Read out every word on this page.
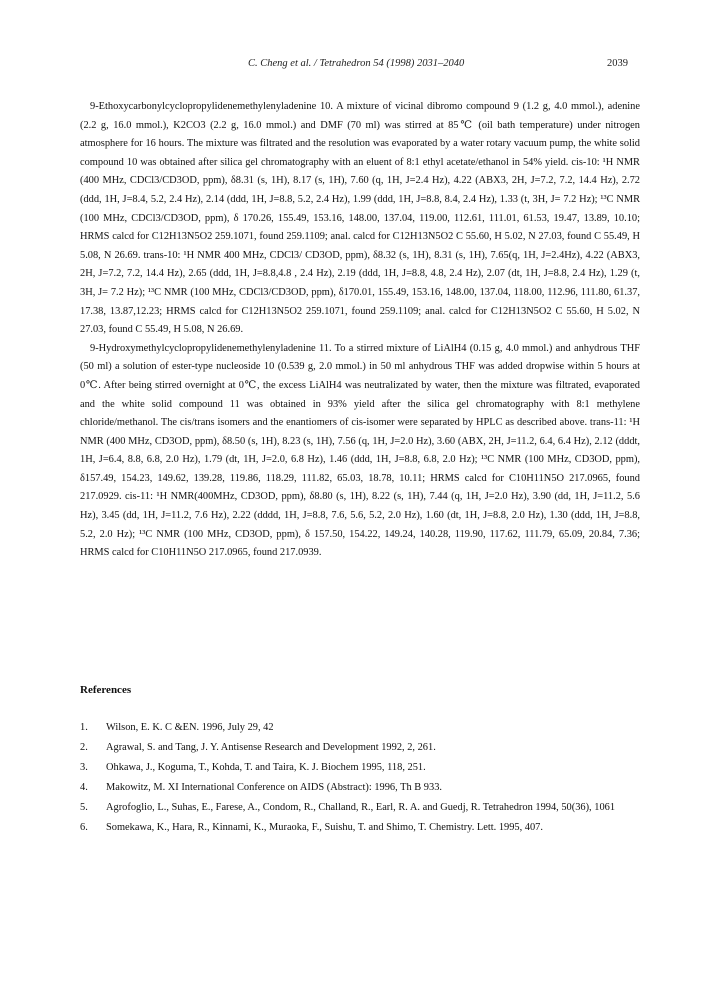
C. Cheng et al. / Tetrahedron 54 (1998) 2031–2040	2039

9-Ethoxycarbonylcyclopropylidenemethylenyladenine 10. A mixture of vicinal dibromo compound 9 (1.2 g, 4.0 mmol.), adenine (2.2 g, 16.0 mmol.), K2CO3 (2.2 g, 16.0 mmol.) and DMF (70 ml) was stirred at 85℃ (oil bath temperature) under nitrogen atmosphere for 16 hours. The mixture was filtrated and the resolution was evaporated by a water rotary vacuum pump, the white solid compound 10 was obtained after silica gel chromatography with an eluent of 8:1 ethyl acetate/ethanol in 54% yield. cis-10: ¹H NMR (400 MHz, CDCl3/CD3OD, ppm), δ8.31 (s, 1H), 8.17 (s, 1H), 7.60 (q, 1H, J=2.4 Hz), 4.22 (ABX3, 2H, J=7.2, 7.2, 14.4 Hz), 2.72 (ddd, 1H, J=8.4, 5.2, 2.4 Hz), 2.14 (ddd, 1H, J=8.8, 5.2, 2.4 Hz), 1.99 (ddd, 1H, J=8.8, 8.4, 2.4 Hz), 1.33 (t, 3H, J= 7.2 Hz); ¹³C NMR (100 MHz, CDCl3/CD3OD, ppm), δ 170.26, 155.49, 153.16, 148.00, 137.04, 119.00, 112.61, 111.01, 61.53, 19.47, 13.89, 10.10; HRMS calcd for C12H13N5O2 259.1071, found 259.1109; anal. calcd for C12H13N5O2 C 55.60, H 5.02, N 27.03, found C 55.49, H 5.08, N 26.69. trans-10: ¹H NMR 400 MHz, CDCl3/ CD3OD, ppm), δ8.32 (s, 1H), 8.31 (s, 1H), 7.65(q, 1H, J=2.4Hz), 4.22 (ABX3, 2H, J=7.2, 7.2, 14.4 Hz), 2.65 (ddd, 1H, J=8.8,4.8 , 2.4 Hz), 2.19 (ddd, 1H, J=8.8, 4.8, 2.4 Hz), 2.07 (dt, 1H, J=8.8, 2.4 Hz), 1.29 (t, 3H, J= 7.2 Hz); ¹³C NMR (100 MHz, CDCl3/CD3OD, ppm), δ170.01, 155.49, 153.16, 148.00, 137.04, 118.00, 112.96, 111.80, 61.37, 17.38, 13.87,12.23; HRMS calcd for C12H13N5O2 259.1071, found 259.1109; anal. calcd for C12H13N5O2 C 55.60, H 5.02, N 27.03, found C 55.49, H 5.08, N 26.69.

9-Hydroxymethylcyclopropylidenemethylenyladenine 11. To a stirred mixture of LiAlH4 (0.15 g, 4.0 mmol.) and anhydrous THF (50 ml) a solution of ester-type nucleoside 10 (0.539 g, 2.0 mmol.) in 50 ml anhydrous THF was added dropwise within 5 hours at 0℃. After being stirred overnight at 0℃, the excess LiAlH4 was neutralizated by water, then the mixture was filtrated, evaporated and the white solid compound 11 was obtained in 93% yield after the silica gel chromatography with 8:1 methylene chloride/methanol. The cis/trans isomers and the enantiomers of cis-isomer were separated by HPLC as described above. trans-11: ¹H NMR (400 MHz, CD3OD, ppm), δ8.50 (s, 1H), 8.23 (s, 1H), 7.56 (q, 1H, J=2.0 Hz), 3.60 (ABX, 2H, J=11.2, 6.4, 6.4 Hz), 2.12 (dddt, 1H, J=6.4, 8.8, 6.8, 2.0 Hz), 1.79 (dt, 1H, J=2.0, 6.8 Hz), 1.46 (ddd, 1H, J=8.8, 6.8, 2.0 Hz); ¹³C NMR (100 MHz, CD3OD, ppm), δ157.49, 154.23, 149.62, 139.28, 119.86, 118.29, 111.82, 65.03, 18.78, 10.11; HRMS calcd for C10H11N5O 217.0965, found 217.0929. cis-11: ¹H NMR(400MHz, CD3OD, ppm), δ8.80 (s, 1H), 8.22 (s, 1H), 7.44 (q, 1H, J=2.0 Hz), 3.90 (dd, 1H, J=11.2, 5.6 Hz), 3.45 (dd, 1H, J=11.2, 7.6 Hz), 2.22 (dddd, 1H, J=8.8, 7.6, 5.6, 5.2, 2.0 Hz), 1.60 (dt, 1H, J=8.8, 2.0 Hz), 1.30 (ddd, 1H, J=8.8, 5.2, 2.0 Hz); ¹³C NMR (100 MHz, CD3OD, ppm), δ 157.50, 154.22, 149.24, 140.28, 119.90, 117.62, 111.79, 65.09, 20.84, 7.36; HRMS calcd for C10H11N5O 217.0965, found 217.0939.

References
1. Wilson, E. K. C &EN. 1996, July 29, 42
2. Agrawal, S. and Tang, J. Y. Antisense Research and Development 1992, 2, 261.
3. Ohkawa, J., Koguma, T., Kohda, T. and Taira, K. J. Biochem 1995, 118, 251.
4. Makowitz, M. XI International Conference on AIDS (Abstract): 1996, Th B 933.
5. Agrofoglio, L., Suhas, E., Farese, A., Condom, R., Challand, R., Earl, R. A. and Guedj, R. Tetrahedron 1994, 50(36), 1061
6. Somekawa, K., Hara, R., Kinnami, K., Muraoka, F., Suishu, T. and Shimo, T. Chemistry. Lett. 1995, 407.
